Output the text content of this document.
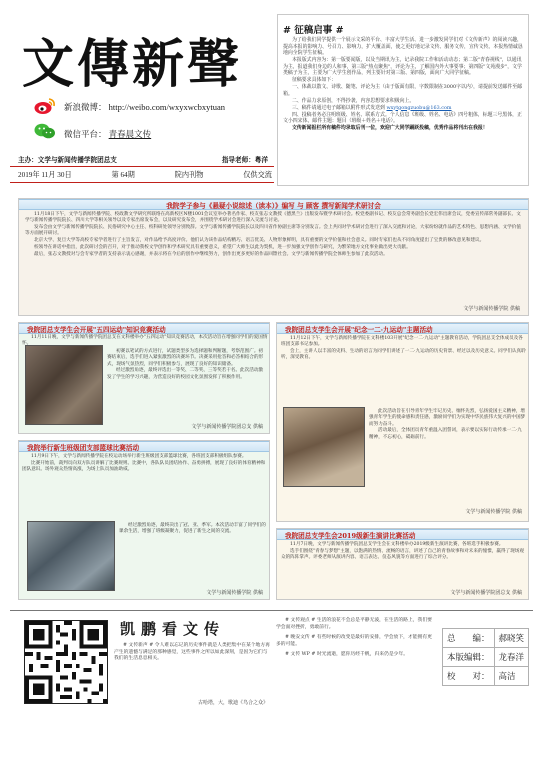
文傳新聲
新浪微博： http://weibo.com/wxyxwcbxytuan
微信平台： 青春晨文传
主办：文学与新闻传播学院团总支	指导老师：粤洋
2019年 11月 30日	第 64期	院内刊物	仅供交流
# 征稿启事 #

为了给我们同学提供一个展示文采的平台、丰富大学生活、进一步激发同学们对《文传新声》的阅读兴趣，提高本报的影响力、号召力、影响力，扩大覆盖面，使之更好地记录文传、服务文传，宣传文传。本报热情诚恳地向全院学生征稿。

本报版式内容为：第一版要闻版，以及当期讯为主，记录我院工作和活动动态；第二版"青春视线"，以通讯为主，报道我们身边的人和事，第三版"热点聚焦"，评论为主，了解国内外大事要事；第四版"文苑漫步"，文学类稿子为主，主要为广大学生创作品，列主要针对第三版、第四版，面向广大同学征稿。

征稿要求具体如下：

一、体裁以散文、诗歌、随笔、评论为主（由于版面有限，字数限制在3000字以内），请提前发送邮件至邮箱。

二、作品力求原创，不得抄袭，内容思想要求积极向上。

三、稿件请通过电子邮箱以附件形式发送到 wxytgongzuobu@163.com

四、投稿者务必注明班级、姓名、联系方式。个人信息《班级、姓名、电话》四号粗体，标题三号黑体，正文小四宋体，邮件主题：题目（班级＋姓名＋电话）。

文传新闻报栏所有稿件均录取后刊一位，欢迎广大同学踊跃投稿，优秀作品将刊出在我报！

我院学子参与《悬疑小说综述（读本）》编写 与 顾客 撰写新闻学术研讨会

11月18日下午，文学与新闻传播学院、校政教文学研究所联络在高新校区N楼1001会议室举办著名作家、校友张志文教授《德黑兰》出版发布暨学术研讨会。校党委副书记、校友总会常务副会长党宏伟出席会议，党委宣传部常务副部长、文学与新闻传播学院院长、四川大学等相关领导以及专家出席发布会，以及研究发布会，并围绕学术研讨会进行深入交流与讨论。

发布会由文学与新闻传播学院院长、民俗研究中心主任、校科研处领导分别致辞。文学与新闻传播学院院长以及四川省作协副主席等分别发言。会上共同对学术研讨会进行了深入交流和讨论，大家纷纷就作品的艺术特色、思想内涵、文学价值等方面展开研讨。

北京大学、复旦大学等高校专家学者进行了主旨发言，对作品给予高度评价。他们认为该作品结构精巧、语言优美、人物形象鲜明，具有重要的文学价值和社会意义。同时专家们也从不同角度提出了宝贵的修改意见和建议。

校领导在讲话中指出，此次研讨会的召开，对于推动我校文学创作和学术研究具有重要意义，希望广大师生以此为契机，进一步加强文学创作与研究，为繁荣地方文化事业做出更大贡献。

最后，张志文教授对与会专家学者的支持表示衷心感谢，并表示将在今后的创作中继续努力，创作出更多更好的作品回馈社会。文学与新闻传播学院全体师生参加了此次活动。

文学与新闻传播学院 供稿
我院团总支学生会开展"五四运动"知识竞赛活动

11月11日晚，文学与新闻传播学院团总支在文科楼举办"五四运动"知识竞赛活动，本次活动旨在增强同学们的爱国情怀。

初赛以笔试的方式进行，试题类型多为选择题和判断题，考察范围广。初赛结束后，选手们进入紧张激烈的决赛环节。决赛采用抢答和必答相结合的形式，现场气氛热烈，同学们积极参与，展现了良好的知识储备。

经过激烈角逐，最终评选出一等奖、二等奖、三等奖若干名。此次活动激发了学生的学习兴趣，为营造良好的校园文化氛围发挥了积极作用。

文学与新闻传播学院团总支 供稿
我院团总支学生会开展"纪念一二·九运动"主题活动

11月12日下午，文学与新闻传播学院在文科楼103开展"纪念一二·九运动"主题教育活动，学院团总支全体成员及各班团支部书记参加。

会上，主讲人以丰富的史料、生动的语言为同学们讲述了一二·九运动的历史背景、经过以及历史意义。同学们认真聆听，深受教育。

此次活动旨在引导青年学生牢记历史、缅怀先烈，弘扬爱国主义精神，增强青年学生的使命感和责任感，激励同学们为实现中华民族伟大复兴的中国梦而努力奋斗。

活动最后，全体团员青年重温入团誓词，表示要以实际行动传承一二·九精神，不忘初心，砥砺前行。

文学与新闻传播学院 供稿
我院举行新生班级团支部篮球比赛活动

11月9日下午，文学与新闻传播学院在校运动场举行新生班级团支部篮球比赛，各班团支部积极组队参赛。

比赛开始前，裁判员向双方队员讲解了比赛规则。比赛中，各队队员团结协作、奋勇拼搏，展现了良好的体育精神和团队意识。场外观众热情高涨，为场上队员加油助威。

经过激烈角逐，最终决出了冠、亚、季军。本次活动丰富了同学们的课余生活，增强了班级凝聚力，促进了新生之间的交流。

文学与新闻传播学院 供稿
我院团总支学生会2019级新生演讲比赛活动

11月7日晚，文学与新闻传播学院团总支学生会在文科楼举办2019级新生演讲比赛，各班选手积极参赛。

选手们围绕"青春与梦想"主题，以饱满的热情、流畅的语言，讲述了自己的青春故事和对未来的憧憬，赢得了现场观众的阵阵掌声。评委老师从演讲内容、语言表达、仪态风貌等方面进行了综合评分。

文学与新闻传播学院团总支 供稿
凯鹏看文传

# 文传新声 # 令人难以忘记的历史事件就是人类把集中在某个地方再产生的遗憾与满足的那种感觉，这些事件之所以如此深刻，是因为它们与我们的生活息息相关。

古哈塔，大，歌迪《鸟合之众》

# 文传观点 # 生活的浪花不会总是平静无波，在生活的路上，我们要学会面对挫折，勇敢前行。

# 晚安文传 # 有些时候的改变是最好的安排，学会放下，才能拥有更多的可能。

# 文传 WP # 时光流逝，愿你历经千帆，归来仍是少年。

总　　编：	郝晓笑
本版编辑：	龙春洋
校　　对：	高洁
